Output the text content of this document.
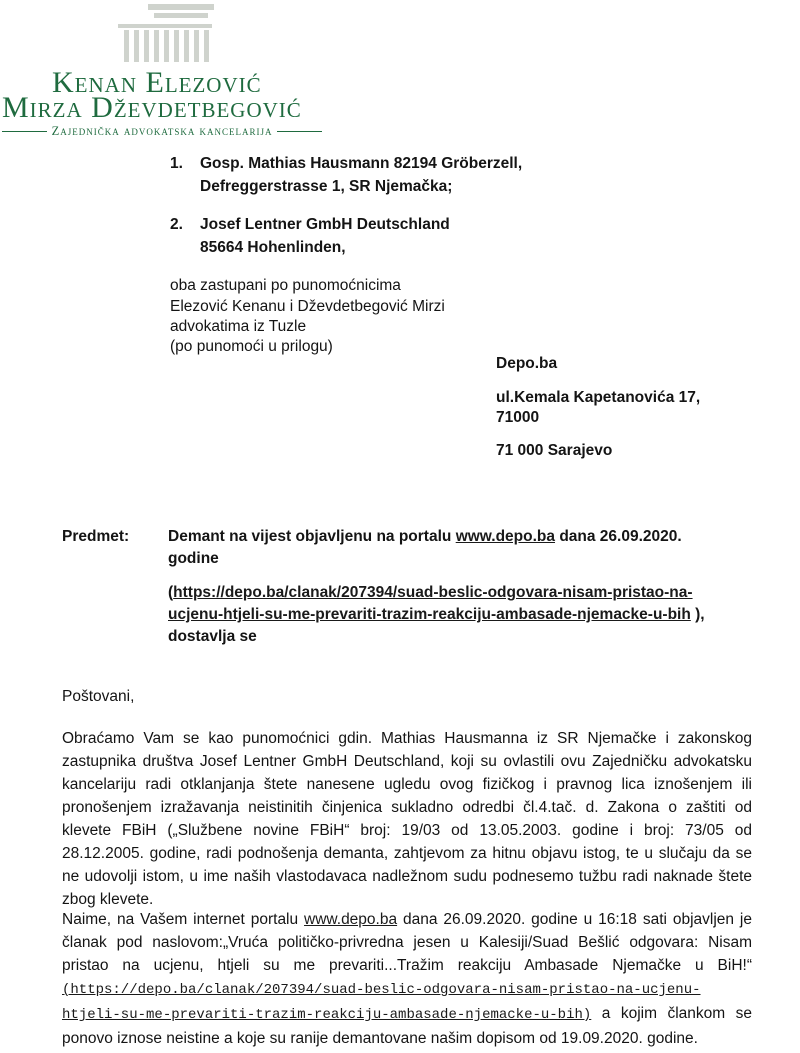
Kenan Elezović
Mirza Dževdetbegović
Zajednička advokatska kancelarija
1. Gosp. Mathias Hausmann 82194 Gröberzell,
Defreggerstrasse 1, SR Njemačka;
2. Josef Lentner GmbH Deutschland
85664 Hohenlinden,
oba zastupani po punomoćnicima
Elezović Kenanu i Dževdetbegović Mirzi
advokatima iz Tuzle
(po punomoći u prilogu)
Depo.ba
ul.Kemala Kapetanovića 17,
71000
71 000 Sarajevo
Predmet:	Demant na vijest objavljenu na portalu www.depo.ba dana 26.09.2020.
godine
(https://depo.ba/clanak/207394/suad-beslic-odgovara-nisam-pristao-na-
ucjenu-htjeli-su-me-prevariti-trazim-reakciju-ambasade-njemacke-u-bih ),
dostavlja se
Poštovani,
Obraćamo Vam se kao punomoćnici gdin. Mathias Hausmanna iz SR Njemačke i zakonskog zastupnika društva Josef Lentner GmbH Deutschland, koji su ovlastili ovu Zajedničku advokatsku kancelariju radi otklanjanja štete nanesene ugledu ovog fizičkog i pravnog lica iznošenjem ili pronošenjem izražavanja neistinitih činjenica sukladno odredbi čl.4.tač. d. Zakona o zaštiti od klevete FBiH („Službene novine FBiH“ broj: 19/03 od 13.05.2003. godine i broj: 73/05 od 28.12.2005. godine, radi podnošenja demanta, zahtjevom za hitnu objavu istog, te u slučaju da se ne udovolji istom, u ime naših vlastodavaca nadležnom sudu podnesemo tužbu radi naknade štete zbog klevete.
Naime, na Vašem internet portalu www.depo.ba dana 26.09.2020. godine u 16:18 sati objavljen je članak pod naslovom:„Vruća političko-privredna jesen u Kalesiji/Suad Bešlić odgovara: Nisam pristao na ucjenu, htjeli su me prevariti...Tražim reakciju Ambasade Njemačke u BiH!“ (https://depo.ba/clanak/207394/suad-beslic-odgovara-nisam-pristao-na-ucjenu-htjeli-su-me-prevariti-trazim-reakciju-ambasade-njemacke-u-bih) a kojim člankom se ponovo iznose neistine a koje su ranije demantovane našim dopisom od 19.09.2020. godine.
